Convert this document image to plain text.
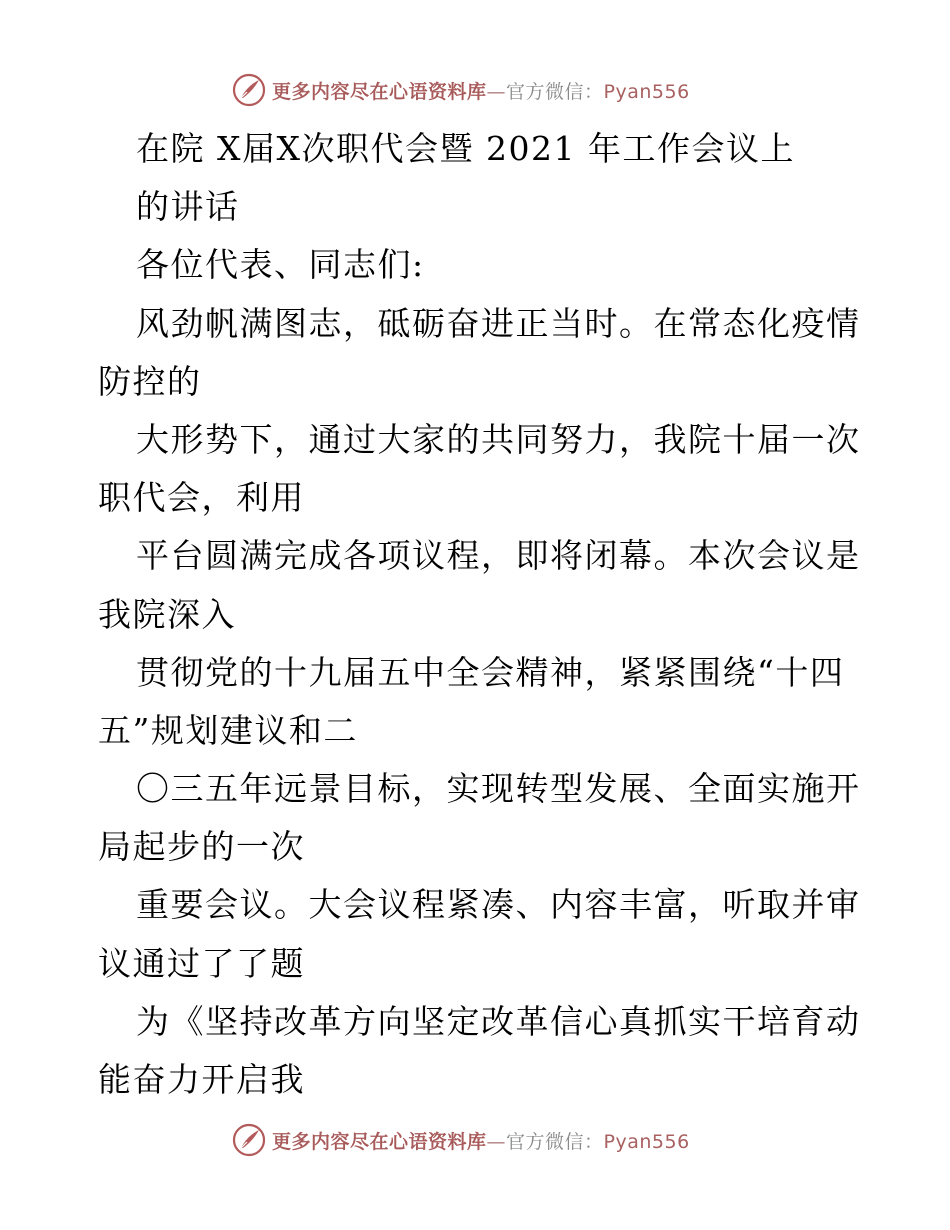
更多内容尽在心语资料库—官方微信：Pyan556
在院 X届X次职代会暨 2021 年工作会议上
的讲话
各位代表、同志们:
风劲帆满图志，砥砺奋进正当时。在常态化疫情
防控的
大形势下，通过大家的共同努力，我院十届一次
职代会，利用
平台圆满完成各项议程，即将闭幕。本次会议是
我院深入
贯彻党的十九届五中全会精神，紧紧围绕“十四
五”规划建议和二
〇三五年远景目标，实现转型发展、全面实施开
局起步的一次
重要会议。大会议程紧凑、内容丰富，听取并审
议通过了了题
为《坚持改革方向坚定改革信心真抓实干培育动
能奋力开启我
更多内容尽在心语资料库—官方微信：Pyan556
